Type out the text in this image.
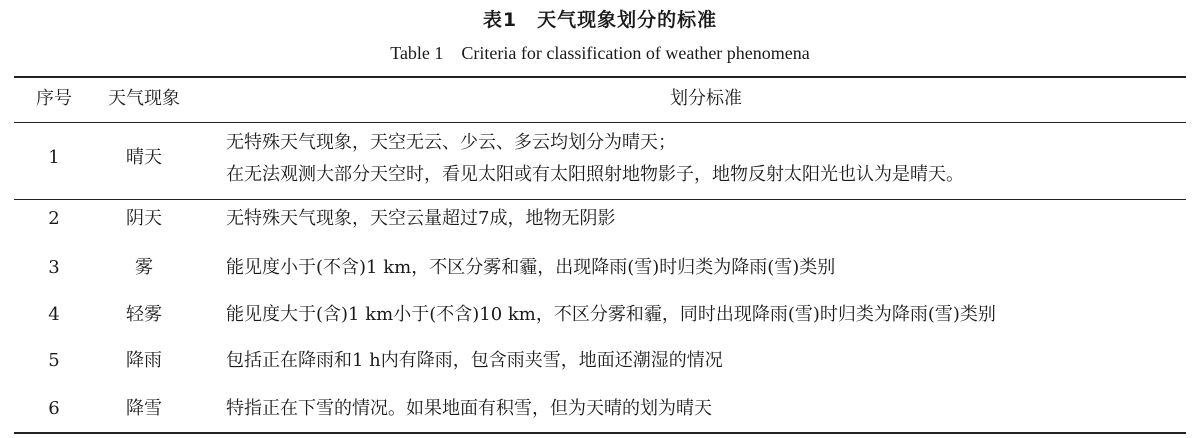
表1　天气现象划分的标准
Table 1　Criteria for classification of weather phenomena
序号	天气现象	划分标准
1	晴天
无特殊天气现象，天空无云、少云、多云均划分为晴天；
在无法观测大部分天空时，看见太阳或有太阳照射地物影子，地物反射太阳光也认为是晴天。
2	阴天	无特殊天气现象，天空云量超过7成，地物无阴影
3	雾	能见度小于(不含)1 km，不区分雾和霾，出现降雨(雪)时归类为降雨(雪)类别
4	轻雾	能见度大于(含)1 km小于(不含)10 km，不区分雾和霾，同时出现降雨(雪)时归类为降雨(雪)类别
5	降雨	包括正在降雨和1 h内有降雨，包含雨夹雪，地面还潮湿的情况
6	降雪	特指正在下雪的情况。如果地面有积雪，但为天晴的划为晴天
